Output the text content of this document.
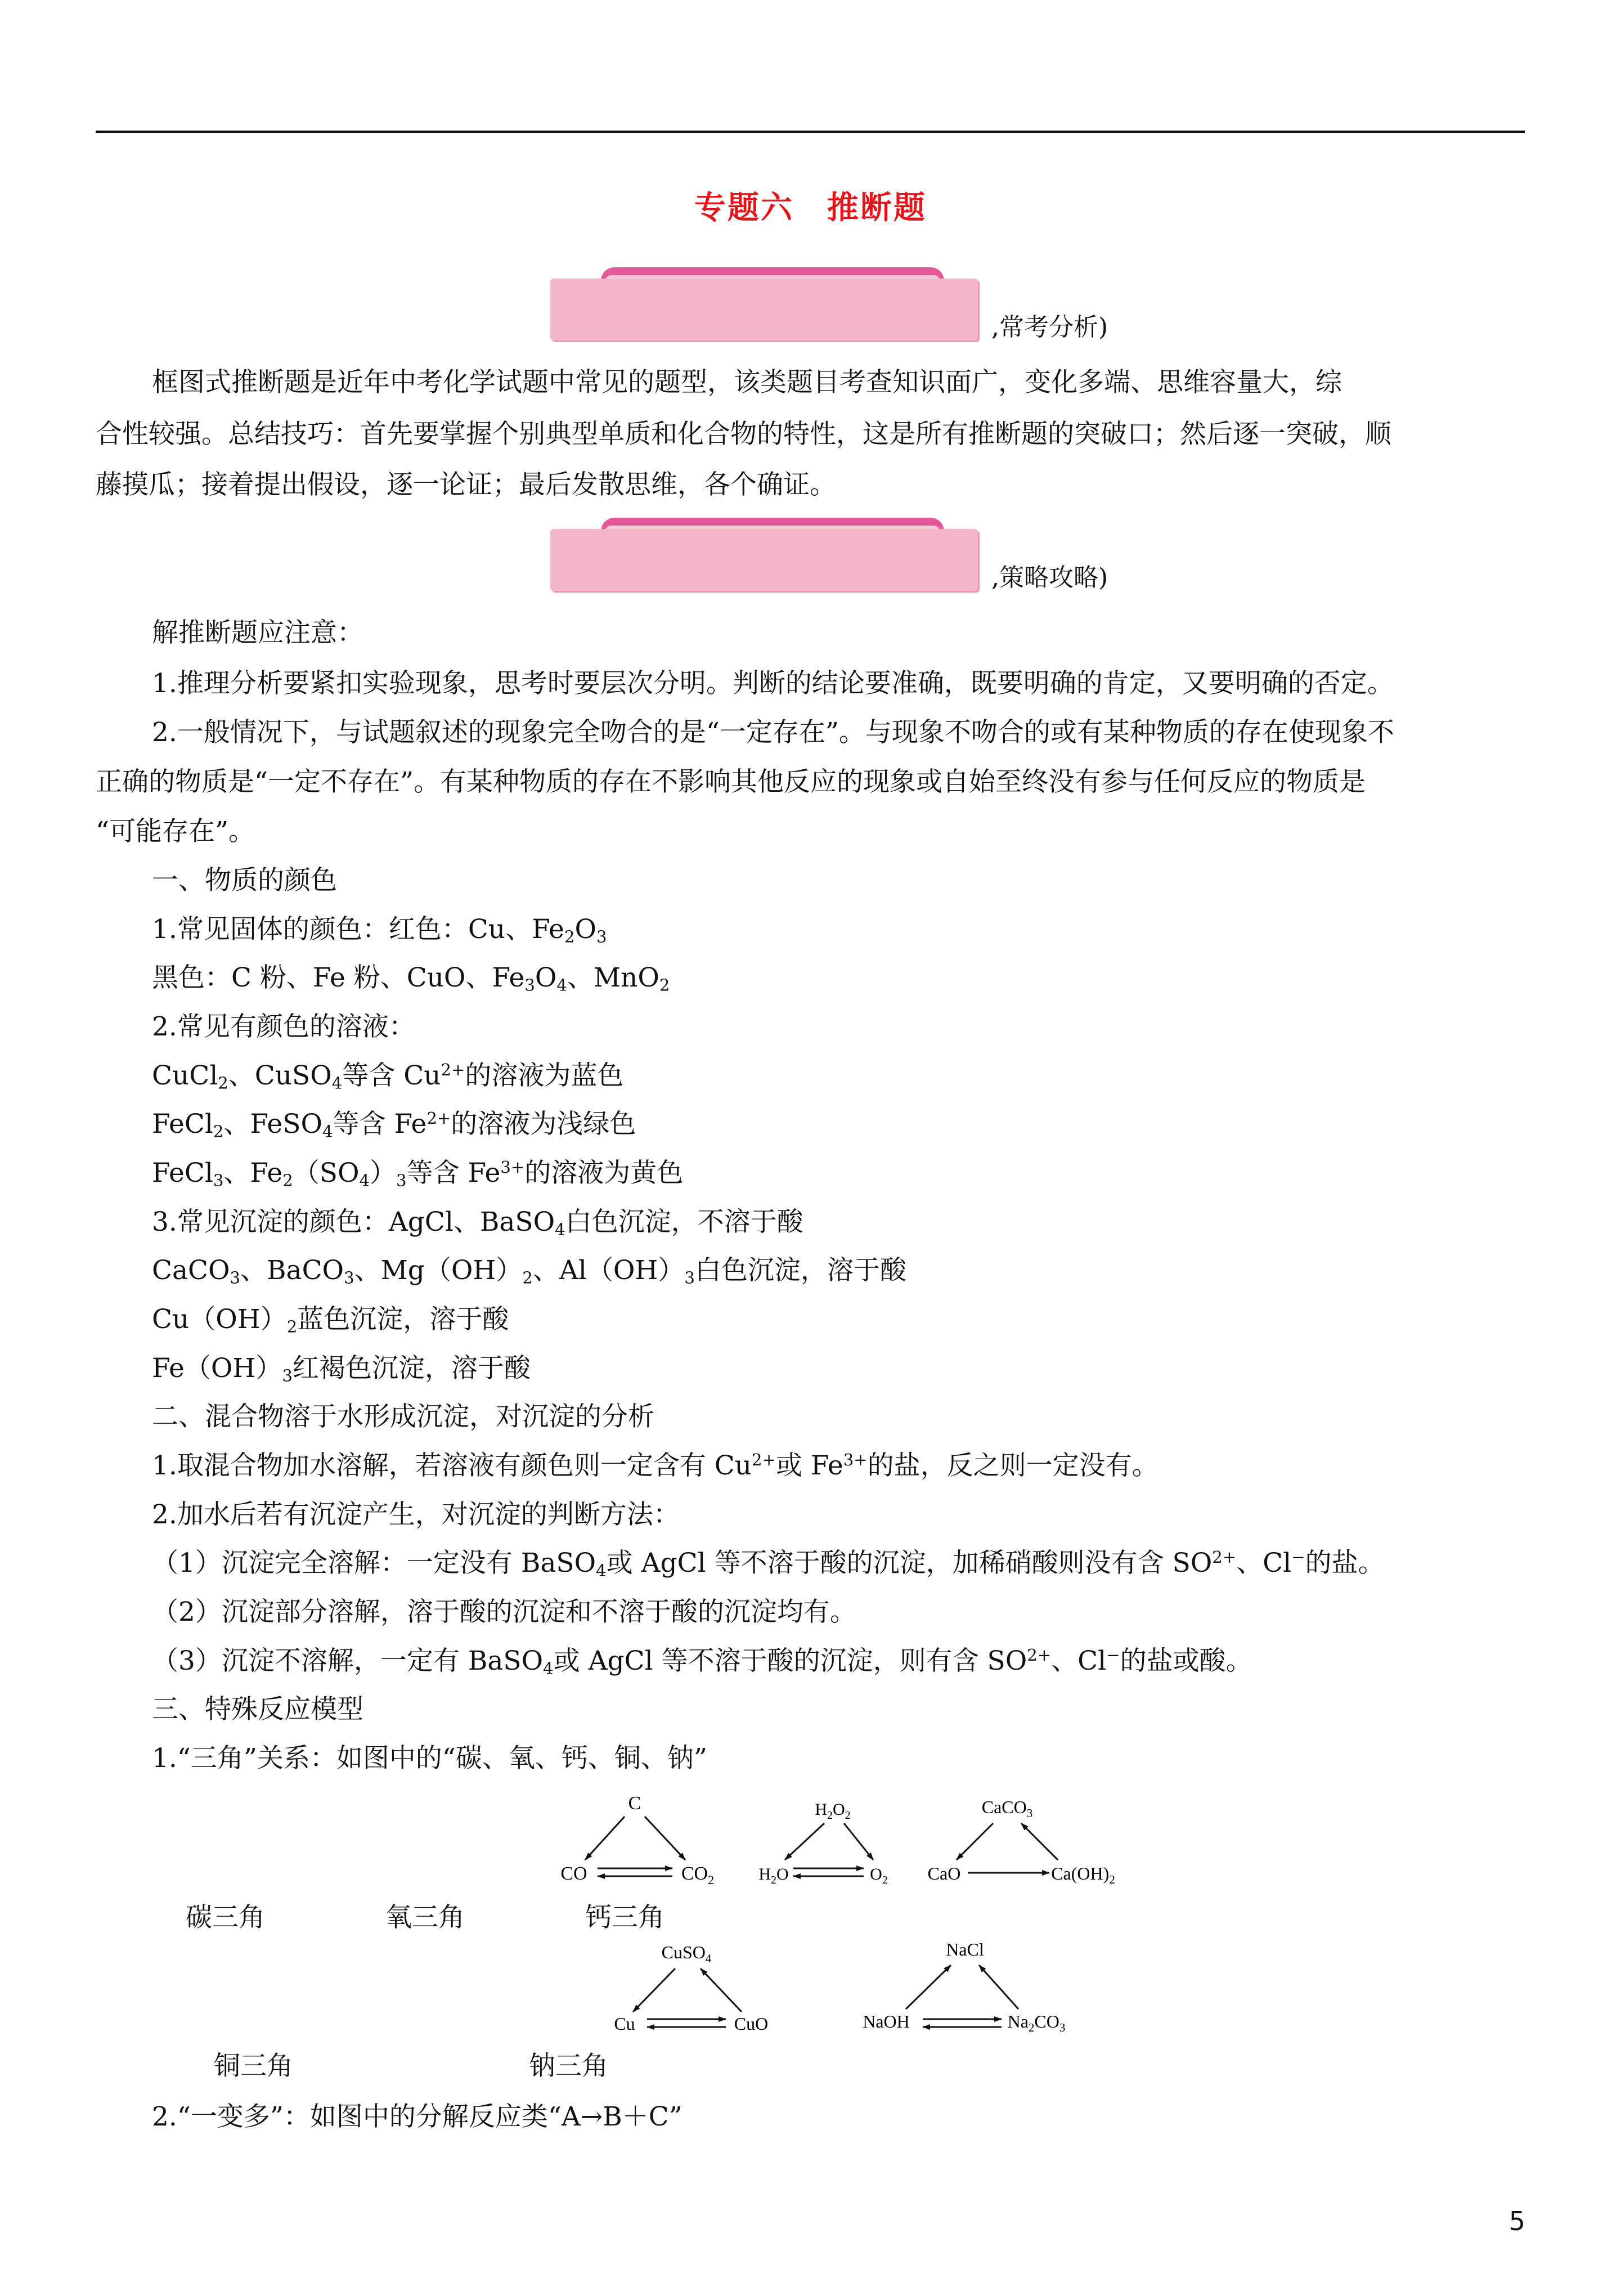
专题六　推断题
,常考分析)
框图式推断题是近年中考化学试题中常见的题型，该类题目考查知识面广，变化多端、思维容量大，综
合性较强。总结技巧：首先要掌握个别典型单质和化合物的特性，这是所有推断题的突破口；然后逐一突破，顺
藤摸瓜；接着提出假设，逐一论证；最后发散思维，各个确证。
,策略攻略)
解推断题应注意：
1.推理分析要紧扣实验现象，思考时要层次分明。判断的结论要准确，既要明确的肯定，又要明确的否定。
2.一般情况下，与试题叙述的现象完全吻合的是“一定存在”。与现象不吻合的或有某种物质的存在使现象不
正确的物质是“一定不存在”。有某种物质的存在不影响其他反应的现象或自始至终没有参与任何反应的物质是
“可能存在”。
一、物质的颜色
1.常见固体的颜色：红色：Cu、$Fe_2O_3$
黑色：C 粉、Fe 粉、CuO、$Fe_3O_4$、MnO$_2$
2.常见有颜色的溶液：
CuCl$_2$、CuSO$_4$等含 $Cu^{2+}$的溶液为蓝色
FeCl$_2$、FeSO$_4$等含 $Fe^{2+}$的溶液为浅绿色
FeCl$_3$、$Fe_2(SO_4)_3$等含 $Fe^{3+}$的溶液为黄色
3.常见沉淀的颜色：AgCl、BaSO$_4$白色沉淀，不溶于酸
CaCO$_3$、BaCO$_3$、$Mg(OH)_2$、$Al(OH)_3$白色沉淀，溶于酸
$Cu(OH)_2$蓝色沉淀，溶于酸
$Fe(OH)_3$红褐色沉淀，溶于酸
二、混合物溶于水形成沉淀，对沉淀的分析
1.取混合物加水溶解，若溶液有颜色则一定含有 $Cu^{2+}$或 $Fe^{3+}$的盐，反之则一定没有。
2.加水后若有沉淀产生，对沉淀的判断方法：
（1）沉淀完全溶解：一定没有 BaSO$_4$或 AgCl 等不溶于酸的沉淀，加稀硝酸则没有含 $SO^{2+}$、Cl−的盐。
（2）沉淀部分溶解，溶于酸的沉淀和不溶于酸的沉淀均有。
（3）沉淀不溶解，一定有 BaSO$_4$或 AgCl 等不溶于酸的沉淀，则有含 $SO^{2+}$、Cl−的盐或酸。
三、特殊反应模型
1.“三角”关系：如图中的“碳、氧、钙、铜、钠”
C
CO	$CO_2$
$H_2O_2$
$H_2O$	$O_2$
CaCO$_3$
CaO	$Ca(OH)_2$
CuSO$_4$
Cu	CuO
NaCl
NaOH	$Na_2CO_3$
碳三角	氧三角	钙三角
铜三角	钠三角
2.“一变多”：如图中的分解反应类“A→B＋C”
5
